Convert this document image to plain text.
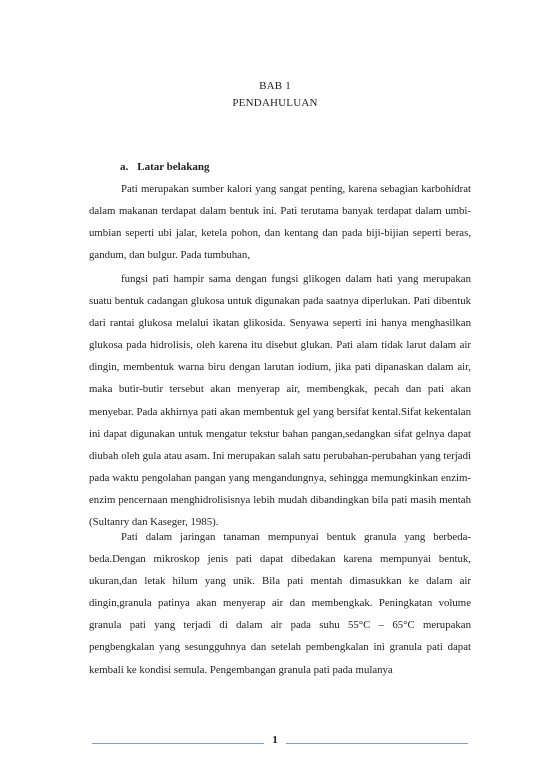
BAB 1
PENDAHULUAN
a. Latar belakang

Pati merupakan sumber kalori yang sangat penting, karena sebagian karbohidrat dalam makanan terdapat dalam bentuk ini. Pati terutama banyak terdapat dalam umbi-umbian seperti ubi jalar, ketela pohon, dan kentang dan pada biji-bijian seperti beras, gandum, dan bulgur. Pada tumbuhan,

fungsi pati hampir sama dengan fungsi glikogen dalam hati yang merupakan suatu bentuk cadangan glukosa untuk digunakan pada saatnya diperlukan. Pati dibentuk dari rantai glukosa melalui ikatan glikosida. Senyawa seperti ini hanya menghasilkan glukosa pada hidrolisis, oleh karena itu disebut glukan. Pati alam tidak larut dalam air dingin, membentuk warna biru dengan larutan iodium, jika pati dipanaskan dalam air, maka butir-butir tersebut akan menyerap air, membengkak, pecah dan pati akan menyebar. Pada akhirnya pati akan membentuk gel yang bersifat kental.Sifat kekentalan ini dapat digunakan untuk mengatur tekstur bahan pangan,sedangkan sifat gelnya dapat diubah oleh gula atau asam. Ini merupakan salah satu perubahan-perubahan yang terjadi pada waktu pengolahan pangan yang mengandungnya, sehingga memungkinkan enzim-enzim pencernaan menghidrolisisnya lebih mudah dibandingkan bila pati masih mentah (Sultanry dan Kaseger, 1985).

Pati dalam jaringan tanaman mempunyai bentuk granula yang berbeda-beda.Dengan mikroskop jenis pati dapat dibedakan karena mempunyai bentuk, ukuran,dan letak hilum yang unik. Bila pati mentah dimasukkan ke dalam air dingin,granula patinya akan menyerap air dan membengkak. Peningkatan volume granula pati yang terjadi di dalam air pada suhu 55°C – 65°C merupakan pengbengkalan yang sesungguhnya dan setelah pembengkalan ini granula pati dapat kembali ke kondisi semula. Pengembangan granula pati pada mulanya

1
